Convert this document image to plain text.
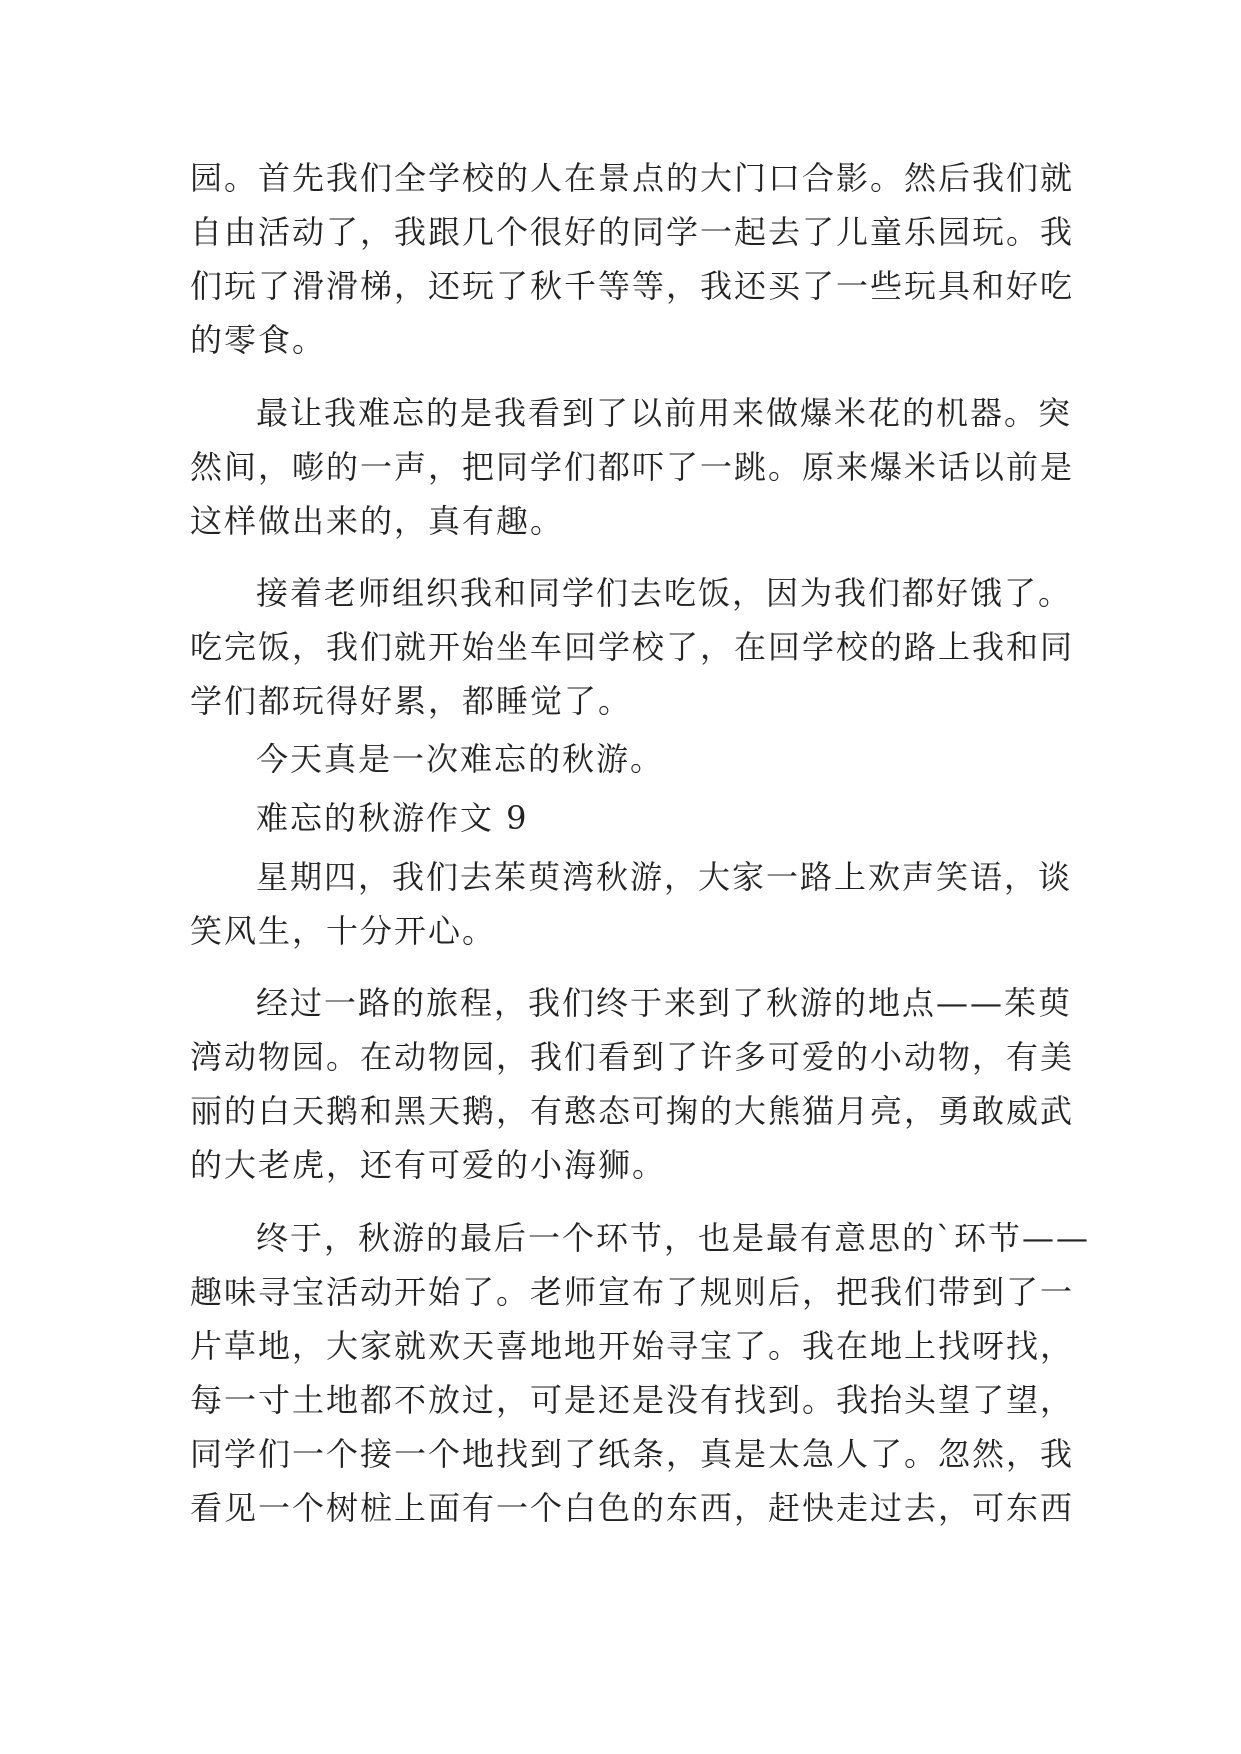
园。首先我们全学校的人在景点的大门口合影。然后我们就
自由活动了，我跟几个很好的同学一起去了儿童乐园玩。我
们玩了滑滑梯，还玩了秋千等等，我还买了一些玩具和好吃
的零食。
最让我难忘的是我看到了以前用来做爆米花的机器。突
然间，嘭的一声，把同学们都吓了一跳。原来爆米话以前是
这样做出来的，真有趣。
接着老师组织我和同学们去吃饭，因为我们都好饿了。
吃完饭，我们就开始坐车回学校了，在回学校的路上我和同
学们都玩得好累，都睡觉了。
今天真是一次难忘的秋游。
难忘的秋游作文 9
星期四，我们去茱萸湾秋游，大家一路上欢声笑语，谈
笑风生，十分开心。
经过一路的旅程，我们终于来到了秋游的地点——茱萸
湾动物园。在动物园，我们看到了许多可爱的小动物，有美
丽的白天鹅和黑天鹅，有憨态可掬的大熊猫月亮，勇敢威武
的大老虎，还有可爱的小海狮。
终于，秋游的最后一个环节，也是最有意思的`环节——
趣味寻宝活动开始了。老师宣布了规则后，把我们带到了一
片草地，大家就欢天喜地地开始寻宝了。我在地上找呀找，
每一寸土地都不放过，可是还是没有找到。我抬头望了望，
同学们一个接一个地找到了纸条，真是太急人了。忽然，我
看见一个树桩上面有一个白色的东西，赶快走过去，可东西
